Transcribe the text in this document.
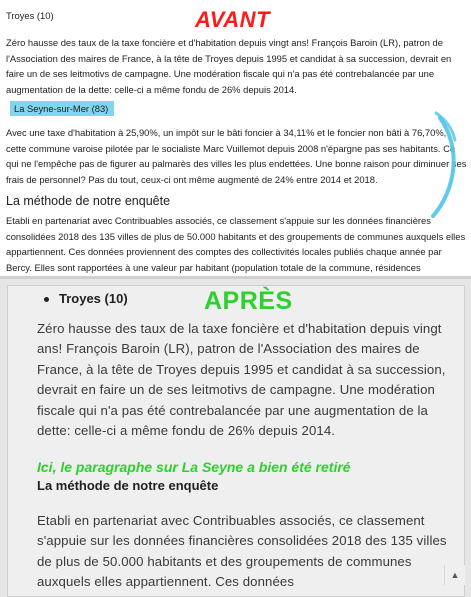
Troyes (10)	AVANT

Zéro hausse des taux de la taxe foncière et d'habitation depuis vingt ans! François Baroin (LR), patron de l'Association des maires de France, à la tête de Troyes depuis 1995 et candidat à sa succession, devrait en faire un de ses leitmotivs de campagne. Une modération fiscale qui n'a pas été contrebalancée par une augmentation de la dette: celle-ci a même fondu de 26% depuis 2014.

La Seyne-sur-Mer (83)

Avec une taxe d'habitation à 25,90%, un impôt sur le bâti foncier à 34,11% et le foncier non bâti à 76,70%, cette commune varoise pilotée par le socialiste Marc Vuillemot depuis 2008 n'épargne pas ses habitants. Ce qui ne l'empêche pas de figurer au palmarès des villes les plus endettées. Une bonne raison pour diminuer ses frais de personnel? Pas du tout, ceux-ci ont même augmenté de 24% entre 2014 et 2018.

La méthode de notre enquête

Etabli en partenariat avec Contribuables associés, ce classement s'appuie sur les données financières consolidées 2018 des 135 villes de plus de 50.000 habitants et des groupements de communes auxquels elles appartiennent. Ces données proviennent des comptes des collectivités locales publiés chaque année par Bercy. Elles sont rapportées à une valeur par habitant (population totale de la commune, résidences

Troyes (10)	APRÈS

Zéro hausse des taux de la taxe foncière et d'habitation depuis vingt ans! François Baroin (LR), patron de l'Association des maires de France, à la tête de Troyes depuis 1995 et candidat à sa succession, devrait en faire un de ses leitmotivs de campagne. Une modération fiscale qui n'a pas été contrebalancée par une augmentation de la dette: celle-ci a même fondu de 26% depuis 2014.

Ici, le paragraphe sur La Seyne a bien été retiré
La méthode de notre enquête

Etabli en partenariat avec Contribuables associés, ce classement s'appuie sur les données financières consolidées 2018 des 135 villes de plus de 50.000 habitants et des groupements de communes auxquels elles appartiennent. Ces données	▲
